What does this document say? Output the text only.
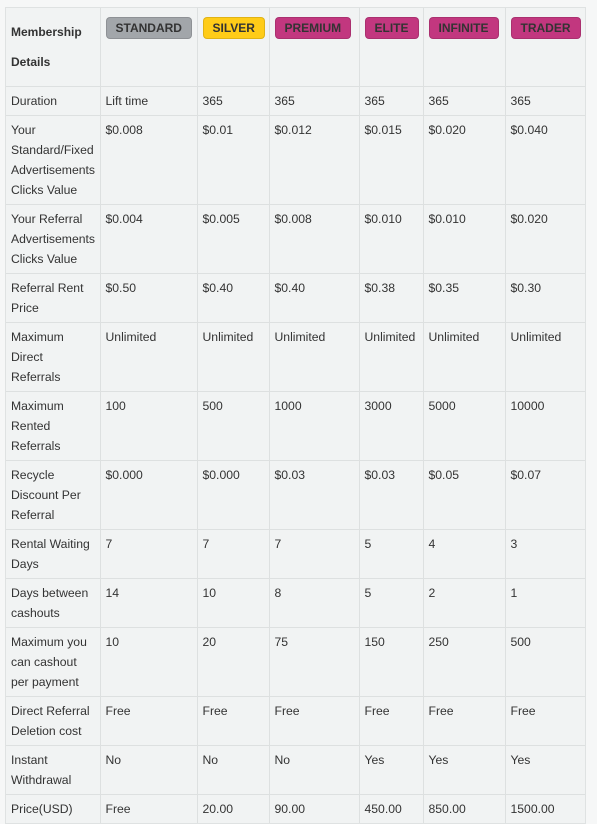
Membership Details	STANDARD	SILVER	PREMIUM	ELITE	INFINITE	TRADER
Duration	Lift time	365	365	365	365	365
Your Standard/Fixed Advertisements Clicks Value	$0.008	$0.01	$0.012	$0.015	$0.020	$0.040
Your Referral Advertisements Clicks Value	$0.004	$0.005	$0.008	$0.010	$0.010	$0.020
Referral Rent Price	$0.50	$0.40	$0.40	$0.38	$0.35	$0.30
Maximum Direct Referrals	Unlimited	Unlimited	Unlimited	Unlimited	Unlimited	Unlimited
Maximum Rented Referrals	100	500	1000	3000	5000	10000
Recycle Discount Per Referral	$0.000	$0.000	$0.03	$0.03	$0.05	$0.07
Rental Waiting Days	7	7	7	5	4	3
Days between cashouts	14	10	8	5	2	1
Maximum you can cashout per payment	10	20	75	150	250	500
Direct Referral Deletion cost	Free	Free	Free	Free	Free	Free
Instant Withdrawal	No	No	No	Yes	Yes	Yes
Price(USD)	Free	20.00	90.00	450.00	850.00	1500.00
